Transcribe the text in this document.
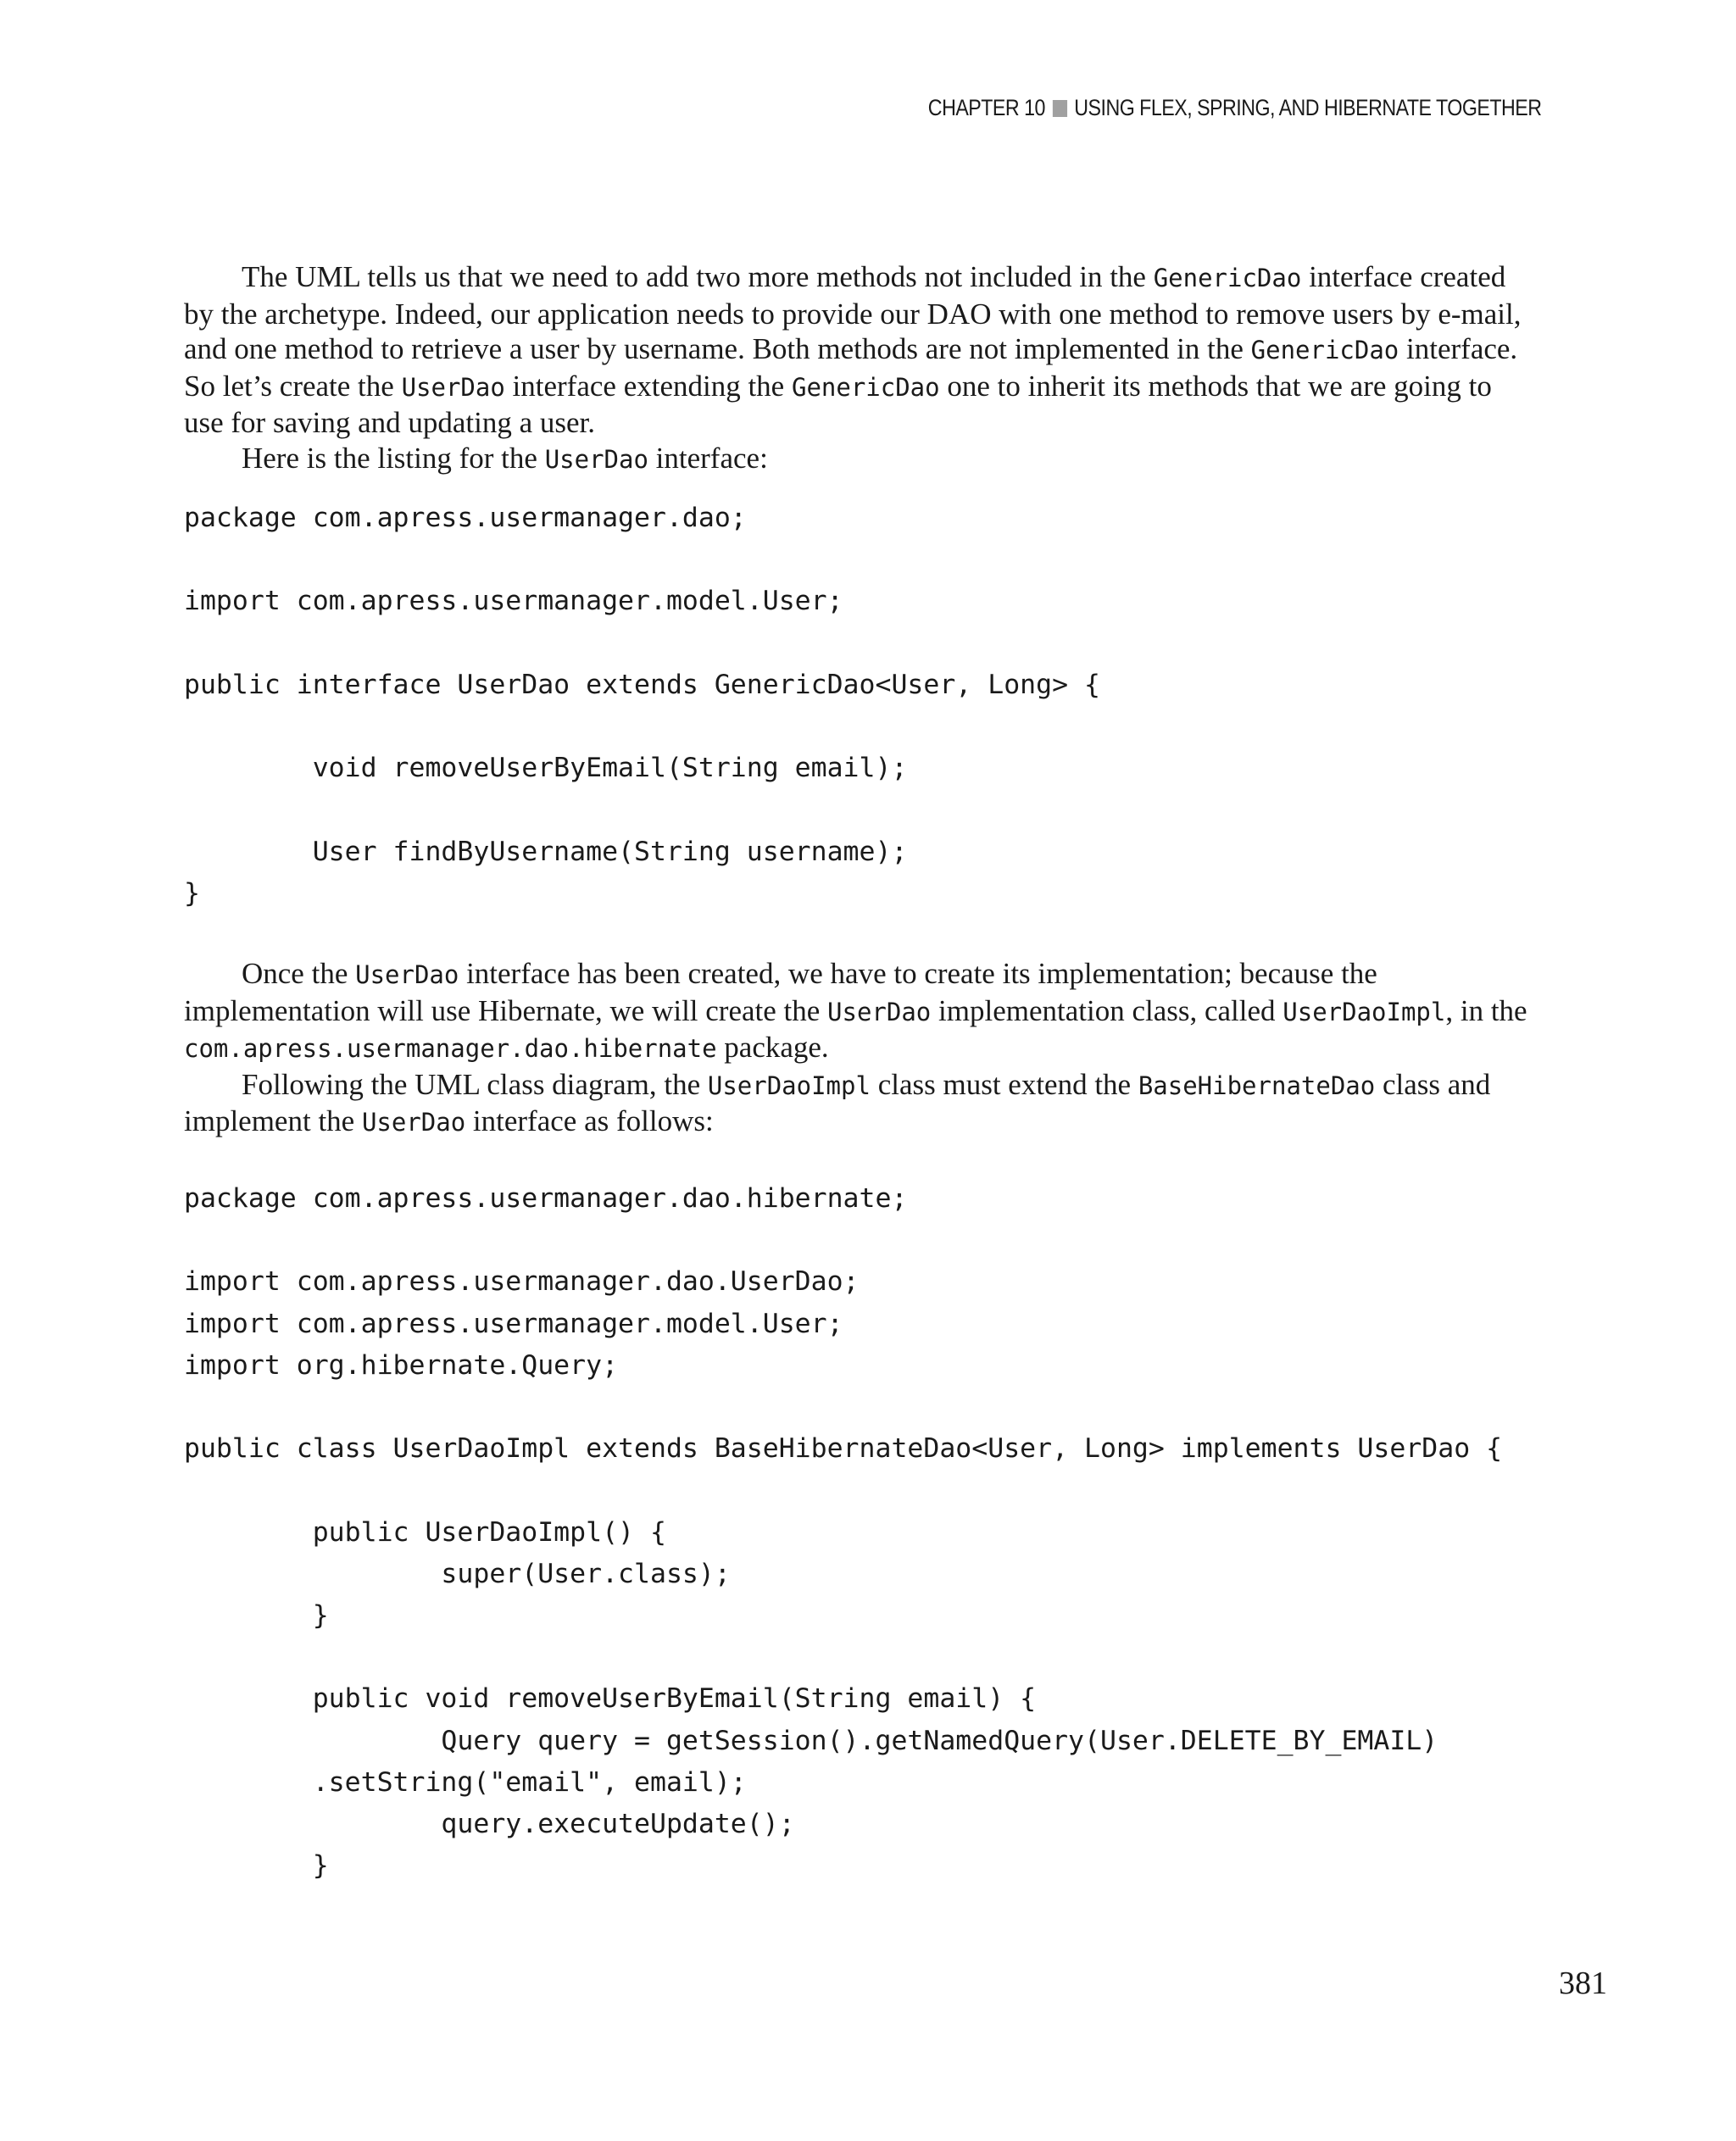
CHAPTER 10 USING FLEX, SPRING, AND HIBERNATE TOGETHER

The UML tells us that we need to add two more methods not included in the GenericDao interface created by the archetype. Indeed, our application needs to provide our DAO with one method to remove users by e-mail, and one method to retrieve a user by username. Both methods are not implemented in the GenericDao interface. So let’s create the UserDao interface extending the GenericDao one to inherit its methods that we are going to use for saving and updating a user.

Here is the listing for the UserDao interface:

package com.apress.usermanager.dao;

import com.apress.usermanager.model.User;

public interface UserDao extends GenericDao<User, Long> {

void removeUserByEmail(String email);

User findByUsername(String username);
}

Once the UserDao interface has been created, we have to create its implementation; because the implementation will use Hibernate, we will create the UserDao implementation class, called UserDaoImpl, in the com.apress.usermanager.dao.hibernate package.

Following the UML class diagram, the UserDaoImpl class must extend the BaseHibernateDao class and implement the UserDao interface as follows:

package com.apress.usermanager.dao.hibernate;

import com.apress.usermanager.dao.UserDao;
import com.apress.usermanager.model.User;
import org.hibernate.Query;

public class UserDaoImpl extends BaseHibernateDao<User, Long> implements UserDao {

public UserDaoImpl() {
super(User.class);
}

public void removeUserByEmail(String email) {
Query query = getSession().getNamedQuery(User.DELETE_BY_EMAIL)
.setString("email", email);
query.executeUpdate();
}
381
